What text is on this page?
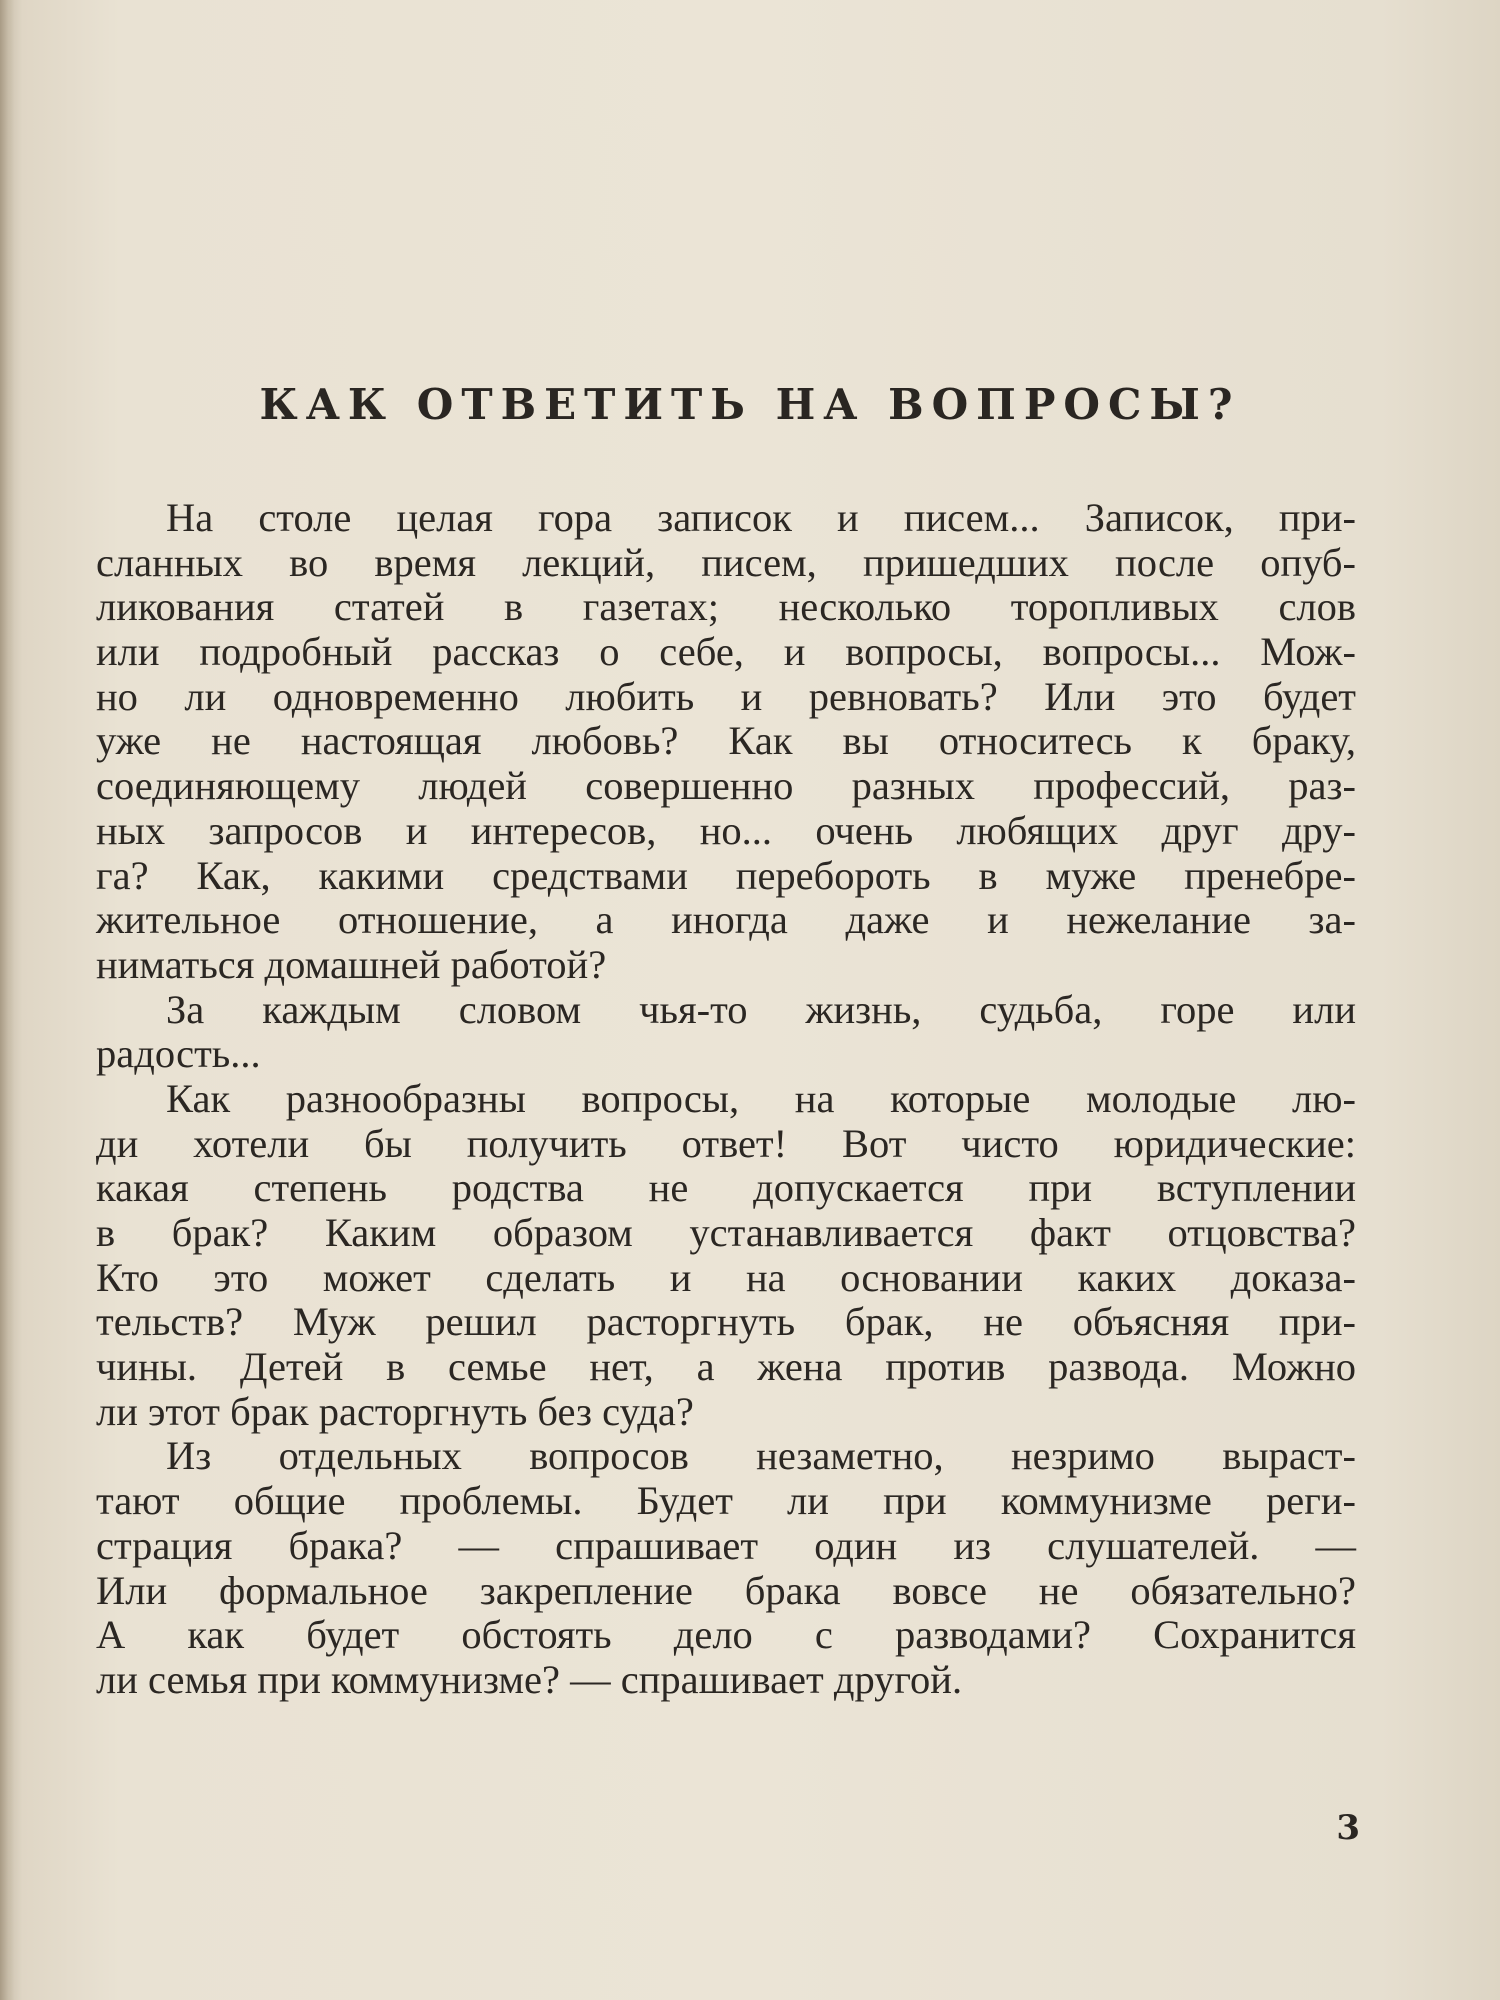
КАК ОТВЕТИТЬ НА ВОПРОСЫ?
На столе целая гора записок и писем... Записок, при-
сланных во время лекций, писем, пришедших после опуб-
ликования статей в газетах; несколько торопливых слов
или подробный рассказ о себе, и вопросы, вопросы... Мож-
но ли одновременно любить и ревновать? Или это будет
уже не настоящая любовь? Как вы относитесь к браку,
соединяющему людей совершенно разных профессий, раз-
ных запросов и интересов, но... очень любящих друг дру-
га? Как, какими средствами перебороть в муже пренебре-
жительное отношение, а иногда даже и нежелание за-
ниматься домашней работой?
За каждым словом чья-то жизнь, судьба, горе или
радость...
Как разнообразны вопросы, на которые молодые лю-
ди хотели бы получить ответ! Вот чисто юридические:
какая степень родства не допускается при вступлении
в брак? Каким образом устанавливается факт отцовства?
Кто это может сделать и на основании каких доказа-
тельств? Муж решил расторгнуть брак, не объясняя при-
чины. Детей в семье нет, а жена против развода. Можно
ли этот брак расторгнуть без суда?
Из отдельных вопросов незаметно, незримо выраст-
тают общие проблемы. Будет ли при коммунизме реги-
страция брака? — спрашивает один из слушателей. —
Или формальное закрепление брака вовсе не обязательно?
А как будет обстоять дело с разводами? Сохранится
ли семья при коммунизме? — спрашивает другой.
3
